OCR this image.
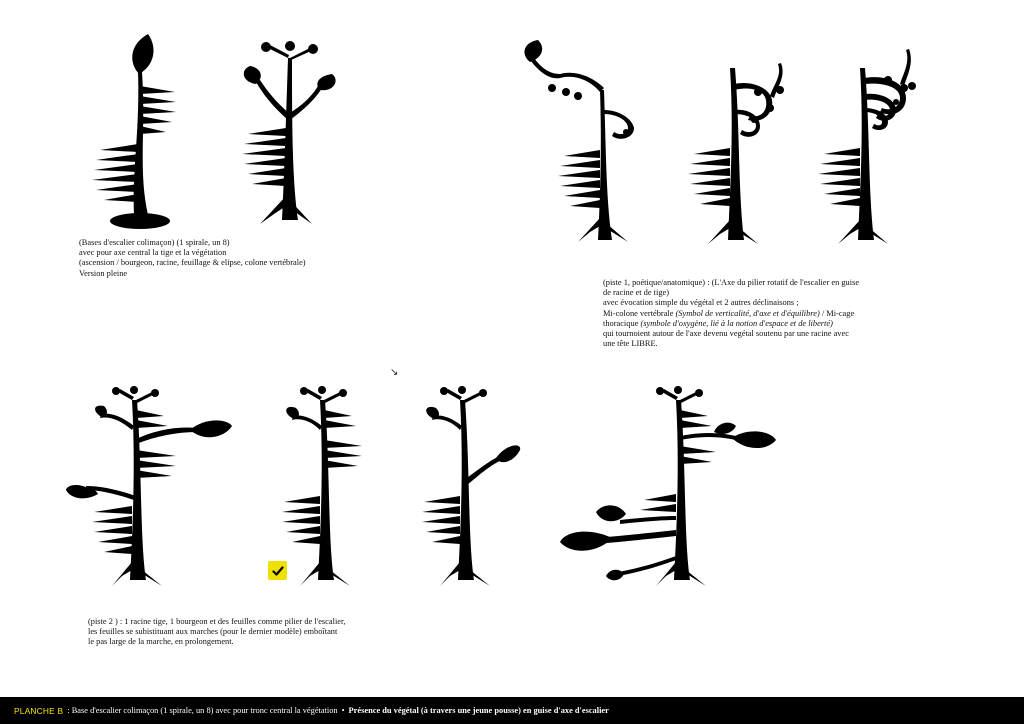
(Bases d'escalier colimaçon) (1 spirale, un 8)

avec pour axe central la tige et la végétation

(ascension / bourgeon, racine, feuillage & elipse, colone vertébrale)

Version pleine

(piste 1, poétique/anatomique) : (L'Axe du pilier rotatif de l'escalier en guise

de racine et de tige)

avec évocation simple du végétal et 2 autres déclinaisons ;

Mi-colone vertébrale (Symbol de verticalité, d'axe et d'équilibre) / Mi-cage

thoracique (symbole d'oxygène, lié à la notion d'espace et de liberté)

qui tournoient autour de l'axe devenu vegétal soutenu par une racine avec

une tête LIBRE.

(piste 2 ) : 1 racine tige, 1 bourgeon et des feuilles comme pilier de l'escalier,

les feuilles se subistituant aux marches (pour le dernier modèle) emboîtant

le pas large de la marche, en prolongement.

↘
PLANCHE B : Base d'escalier colimaçon (1 spirale, un 8) avec pour tronc central la végétation • Présence du végétal (à travers une jeune pousse) en guise d'axe d'escalier
